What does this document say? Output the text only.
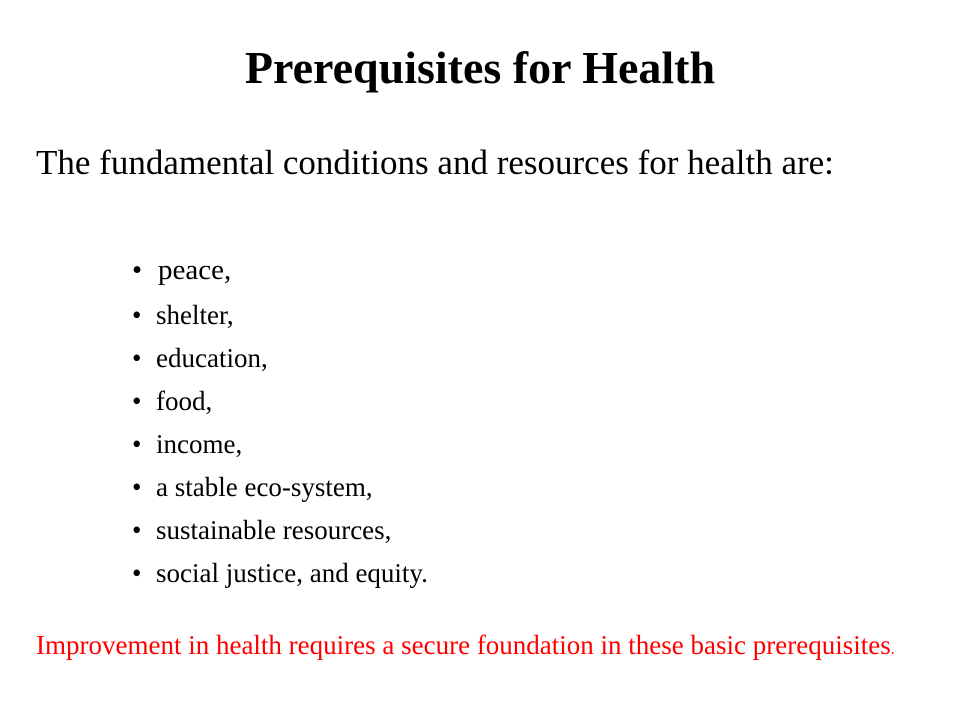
Prerequisites for Health

The fundamental conditions and resources for health are:

• peace,
• shelter,
• education,
• food,
• income,
• a stable eco-system,
• sustainable resources,
• social justice, and equity.

Improvement in health requires a secure foundation in these basic prerequisites.
